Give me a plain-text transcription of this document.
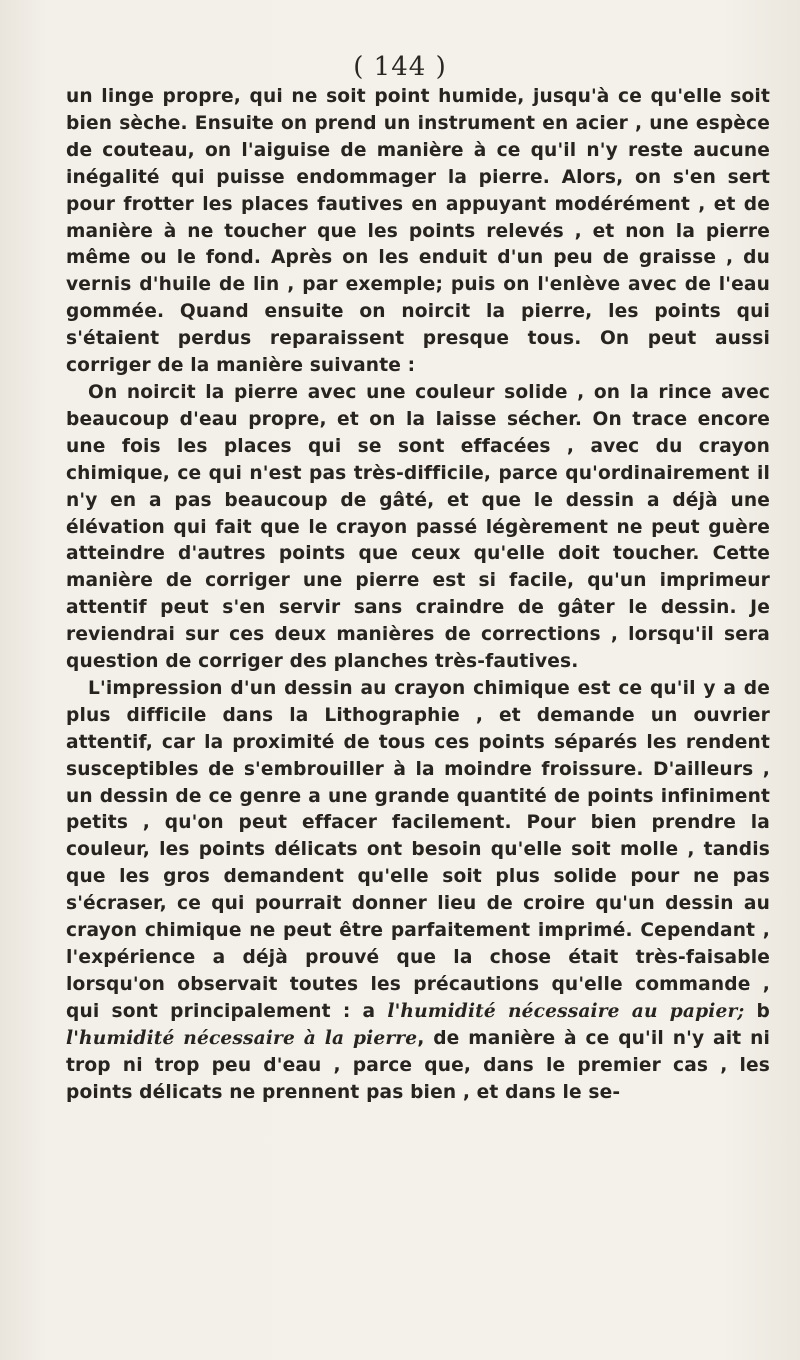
( 144 )

un linge propre, qui ne soit point humide, jusqu'à ce qu'elle soit bien sèche. Ensuite on prend un instrument en acier , une espèce de couteau, on l'aiguise de manière à ce qu'il n'y reste aucune inégalité qui puisse endommager la pierre. Alors, on s'en sert pour frotter les places fautives en appuyant modérément , et de manière à ne toucher que les points relevés , et non la pierre même ou le fond. Après on les enduit d'un peu de graisse , du vernis d'huile de lin , par exemple; puis on l'enlève avec de l'eau gommée. Quand ensuite on noircit la pierre, les points qui s'étaient perdus reparaissent presque tous. On peut aussi corriger de la manière suivante :

On noircit la pierre avec une couleur solide , on la rince avec beaucoup d'eau propre, et on la laisse sécher. On trace encore une fois les places qui se sont effacées , avec du crayon chimique, ce qui n'est pas très-difficile, parce qu'ordinairement il n'y en a pas beaucoup de gâté, et que le dessin a déjà une élévation qui fait que le crayon passé légèrement ne peut guère atteindre d'autres points que ceux qu'elle doit toucher. Cette manière de corriger une pierre est si facile, qu'un imprimeur attentif peut s'en servir sans craindre de gâter le dessin. Je reviendrai sur ces deux manières de corrections , lorsqu'il sera question de corriger des planches très-fautives.

L'impression d'un dessin au crayon chimique est ce qu'il y a de plus difficile dans la Lithographie , et demande un ouvrier attentif, car la proximité de tous ces points séparés les rendent susceptibles de s'embrouiller à la moindre froissure. D'ailleurs , un dessin de ce genre a une grande quantité de points infiniment petits , qu'on peut effacer facilement. Pour bien prendre la couleur, les points délicats ont besoin qu'elle soit molle , tandis que les gros demandent qu'elle soit plus solide pour ne pas s'écraser, ce qui pourrait donner lieu de croire qu'un dessin au crayon chimique ne peut être parfaitement imprimé. Cependant , l'expérience a déjà prouvé que la chose était très-faisable lorsqu'on observait toutes les précautions qu'elle commande , qui sont principalement : a l'humidité nécessaire au papier; b l'humidité nécessaire à la pierre, de manière à ce qu'il n'y ait ni trop ni trop peu d'eau , parce que, dans le premier cas , les points délicats ne prennent pas bien , et dans le se-
